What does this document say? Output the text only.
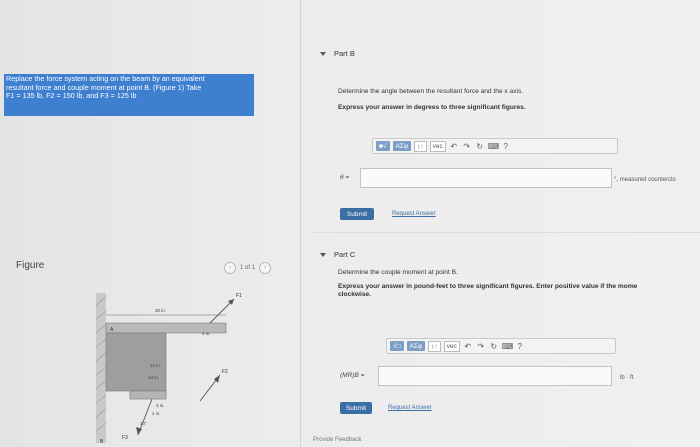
Replace the force system acting on the beam by an equivalent
resultant force and couple moment at point B. (Figure 1) Take
F1 = 135 lb, F2 = 150 lb, and F3 = 125 lb
Figure	‹ 1 of 1 ›
30 in.
12 in.
14 in.
4 in.
3 in.
4 in.
30°
F1
F2
F3
A
B
Part B
Determine the angle between the resultant force and the x axis.
Express your answer in degrees to three significant figures.
■√	ΑΣφ	↕↑	vec ↶ ↷ ↻ ⌨ ?
θ =	°, measured counterclo
Submit	Request Answer
Part C
Determine the couple moment at point B.
Express your answer in pound-feet to three significant figures. Enter positive value if the mome
clockwise.
√□	ΑΣφ	↕↑	vec ↶ ↷ ↻ ⌨ ?
(MR)B =	lb · ft
Submit	Request Answer
Provide Feedback
